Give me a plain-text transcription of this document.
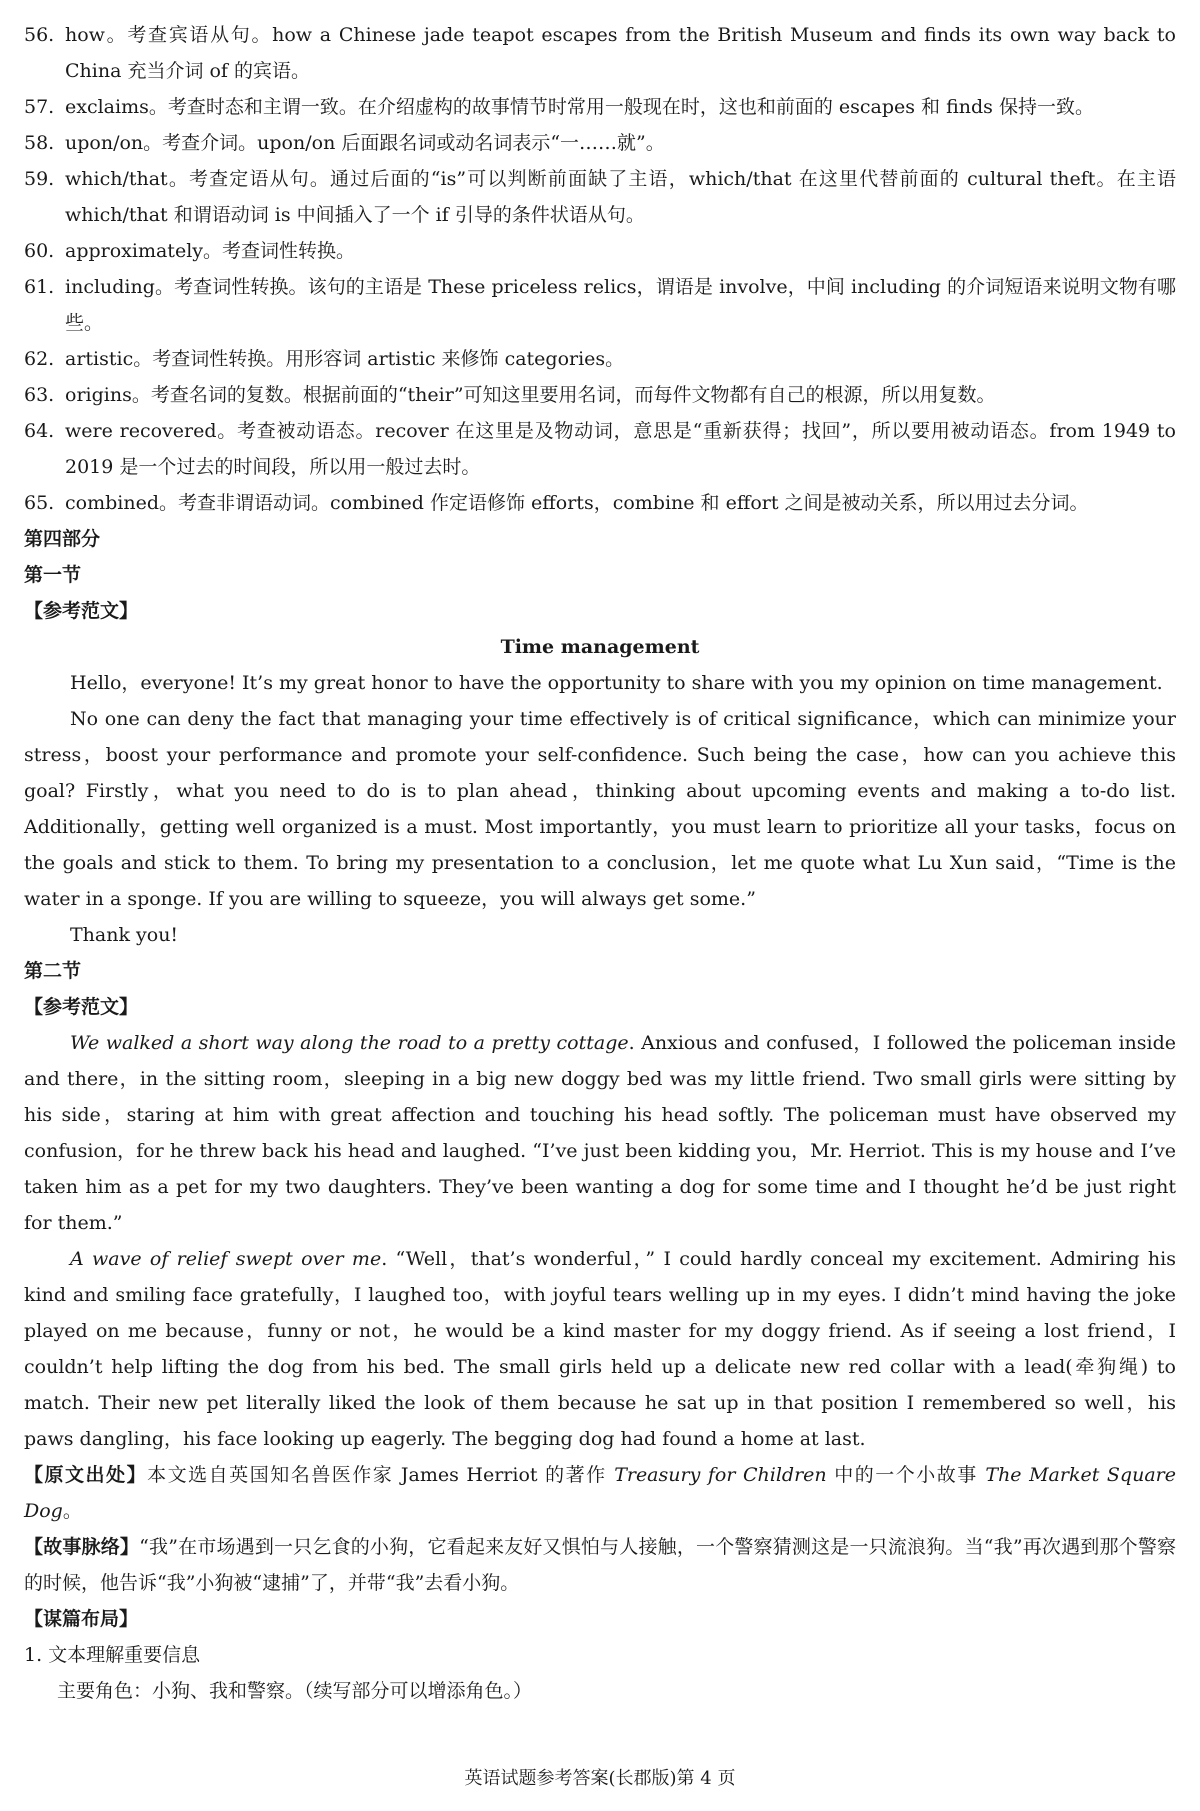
56. how。考查宾语从句。how a Chinese jade teapot escapes from the British Museum and finds its own way back to China 充当介词 of 的宾语。

57. exclaims。考查时态和主谓一致。在介绍虚构的故事情节时常用一般现在时，这也和前面的 escapes 和 finds 保持一致。

58. upon/on。考查介词。upon/on 后面跟名词或动名词表示“一……就”。

59. which/that。考查定语从句。通过后面的“is”可以判断前面缺了主语，which/that 在这里代替前面的 cultural theft。在主语 which/that 和谓语动词 is 中间插入了一个 if 引导的条件状语从句。

60. approximately。考查词性转换。

61. including。考查词性转换。该句的主语是 These priceless relics，谓语是 involve，中间 including 的介词短语来说明文物有哪些。

62. artistic。考查词性转换。用形容词 artistic 来修饰 categories。

63. origins。考查名词的复数。根据前面的“their”可知这里要用名词，而每件文物都有自己的根源，所以用复数。

64. were recovered。考查被动语态。recover 在这里是及物动词，意思是“重新获得；找回”，所以要用被动语态。from 1949 to 2019 是一个过去的时间段，所以用一般过去时。

65. combined。考查非谓语动词。combined 作定语修饰 efforts，combine 和 effort 之间是被动关系，所以用过去分词。

第四部分

第一节

【参考范文】

Time management

Hello，everyone! It’s my great honor to have the opportunity to share with you my opinion on time management.

No one can deny the fact that managing your time effectively is of critical significance，which can minimize your stress，boost your performance and promote your self-confidence. Such being the case，how can you achieve this goal? Firstly，what you need to do is to plan ahead，thinking about upcoming events and making a to-do list. Additionally，getting well organized is a must. Most importantly，you must learn to prioritize all your tasks，focus on the goals and stick to them. To bring my presentation to a conclusion，let me quote what Lu Xun said，“Time is the water in a sponge. If you are willing to squeeze，you will always get some.”

Thank you!

第二节

【参考范文】

We walked a short way along the road to a pretty cottage. Anxious and confused，I followed the policeman inside and there，in the sitting room，sleeping in a big new doggy bed was my little friend. Two small girls were sitting by his side，staring at him with great affection and touching his head softly. The policeman must have observed my confusion，for he threw back his head and laughed. “I’ve just been kidding you，Mr. Herriot. This is my house and I’ve taken him as a pet for my two daughters. They’ve been wanting a dog for some time and I thought he’d be just right for them.”

A wave of relief swept over me. “Well，that’s wonderful，” I could hardly conceal my excitement. Admiring his kind and smiling face gratefully，I laughed too，with joyful tears welling up in my eyes. I didn’t mind having the joke played on me because，funny or not，he would be a kind master for my doggy friend. As if seeing a lost friend，I couldn’t help lifting the dog from his bed. The small girls held up a delicate new red collar with a lead(牵狗绳) to match. Their new pet literally liked the look of them because he sat up in that position I remembered so well，his paws dangling，his face looking up eagerly. The begging dog had found a home at last.

【原文出处】本文选自英国知名兽医作家 James Herriot 的著作 Treasury for Children 中的一个小故事 The Market Square Dog。

【故事脉络】“我”在市场遇到一只乞食的小狗，它看起来友好又惧怕与人接触，一个警察猜测这是一只流浪狗。当“我”再次遇到那个警察的时候，他告诉“我”小狗被“逮捕”了，并带“我”去看小狗。

【谋篇布局】

1. 文本理解重要信息

主要角色：小狗、我和警察。（续写部分可以增添角色。）

英语试题参考答案(长郡版)第 4 页
